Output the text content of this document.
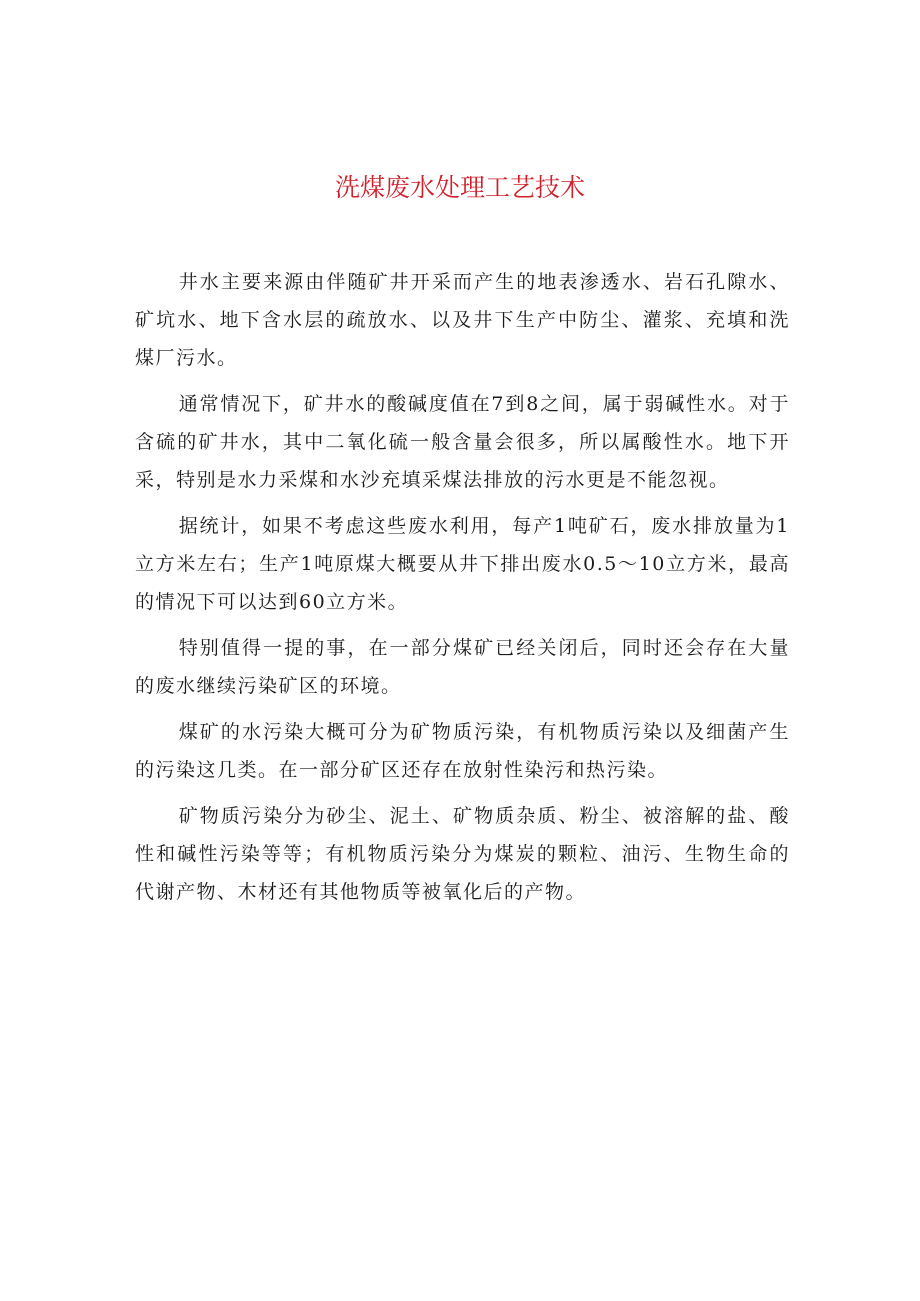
洗煤废水处理工艺技术

井水主要来源由伴随矿井开采而产生的地表渗透水、岩石孔隙水、矿坑水、地下含水层的疏放水、以及井下生产中防尘、灌浆、充填和洗煤厂污水。

通常情况下，矿井水的酸碱度值在7到8之间，属于弱碱性水。对于含硫的矿井水，其中二氧化硫一般含量会很多，所以属酸性水。地下开采，特别是水力采煤和水沙充填采煤法排放的污水更是不能忽视。

据统计，如果不考虑这些废水利用，每产1吨矿石，废水排放量为1立方米左右；生产1吨原煤大概要从井下排出废水0.5～10立方米，最高的情况下可以达到60立方米。

特别值得一提的事，在一部分煤矿已经关闭后，同时还会存在大量的废水继续污染矿区的环境。

煤矿的水污染大概可分为矿物质污染，有机物质污染以及细菌产生的污染这几类。在一部分矿区还存在放射性染污和热污染。

矿物质污染分为砂尘、泥土、矿物质杂质、粉尘、被溶解的盐、酸性和碱性污染等等；有机物质污染分为煤炭的颗粒、油污、生物生命的代谢产物、木材还有其他物质等被氧化后的产物。
